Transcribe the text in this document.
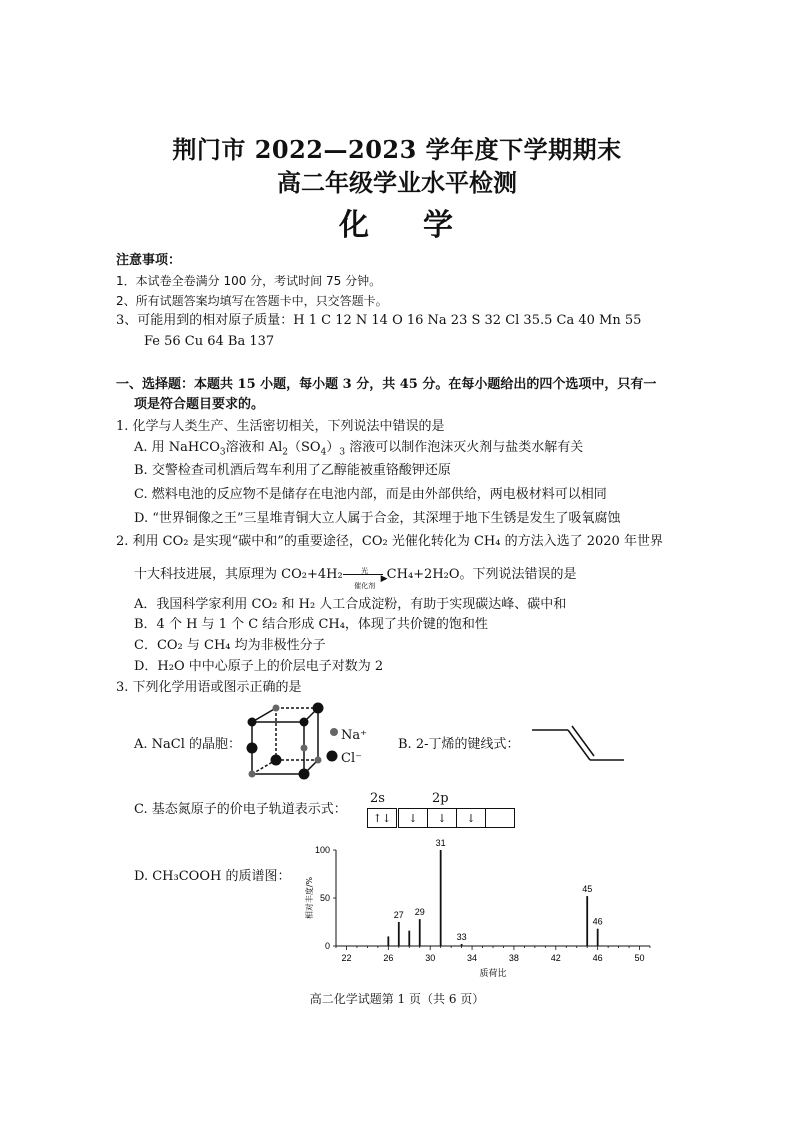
荆门市 2022—2023 学年度下学期期末
高二年级学业水平检测
化 学
注意事项：
1．本试卷全卷满分 100 分，考试时间 75 分钟。
2、所有试题答案均填写在答题卡中，只交答题卡。
3、可能用到的相对原子质量：H 1 C 12 N 14 O 16 Na 23 S 32 Cl 35.5 Ca 40 Mn 55
Fe 56 Cu 64 Ba 137
一、选择题：本题共 15 小题，每小题 3 分，共 45 分。在每小题给出的四个选项中，只有一
项是符合题目要求的。
1. 化学与人类生产、生活密切相关，下列说法中错误的是
A. 用 NaHCO$_3$溶液和 $Al_2(SO_4)_3$ 溶液可以制作泡沫灭火剂与盐类水解有关
B. 交警检查司机酒后驾车利用了乙醇能被重铬酸钾还原
C. 燃料电池的反应物不是储存在电池内部，而是由外部供给，两电极材料可以相同
D. “世界铜像之王”三星堆青铜大立人属于合金，其深埋于地下生锈是发生了吸氧腐蚀
2. 利用 CO₂ 是实现“碳中和”的重要途径，CO₂ 光催化转化为 CH₄ 的方法入选了 2020 年世界
十大科技进展，其原理为 CO₂+4H₂	光
▶
催化剂
CH₄+2H₂O。下列说法错误的是
A．我国科学家利用 CO₂ 和 H₂ 人工合成淀粉，有助于实现碳达峰、碳中和
B．4 个 H 与 1 个 C 结合形成 CH₄，体现了共价键的饱和性
C．CO₂ 与 CH₄ 均为非极性分子
D．H₂O 中中心原子上的价层电子对数为 2
3. 下列化学用语或图示正确的是
A. NaCl 的晶胞：
Na⁺
Cl⁻
B. 2-丁烯的键线式：
C. 基态氮原子的价电子轨道表示式：
2s	2p
↑↓ ↓	↓	↓	
D. CH₃COOH 的质谱图：
22	26	30	34	38	42	46	50
0
50
100
27 29
31
33
45
46
质荷比
相对丰度/%
高二化学试题第 1 页（共 6 页）
